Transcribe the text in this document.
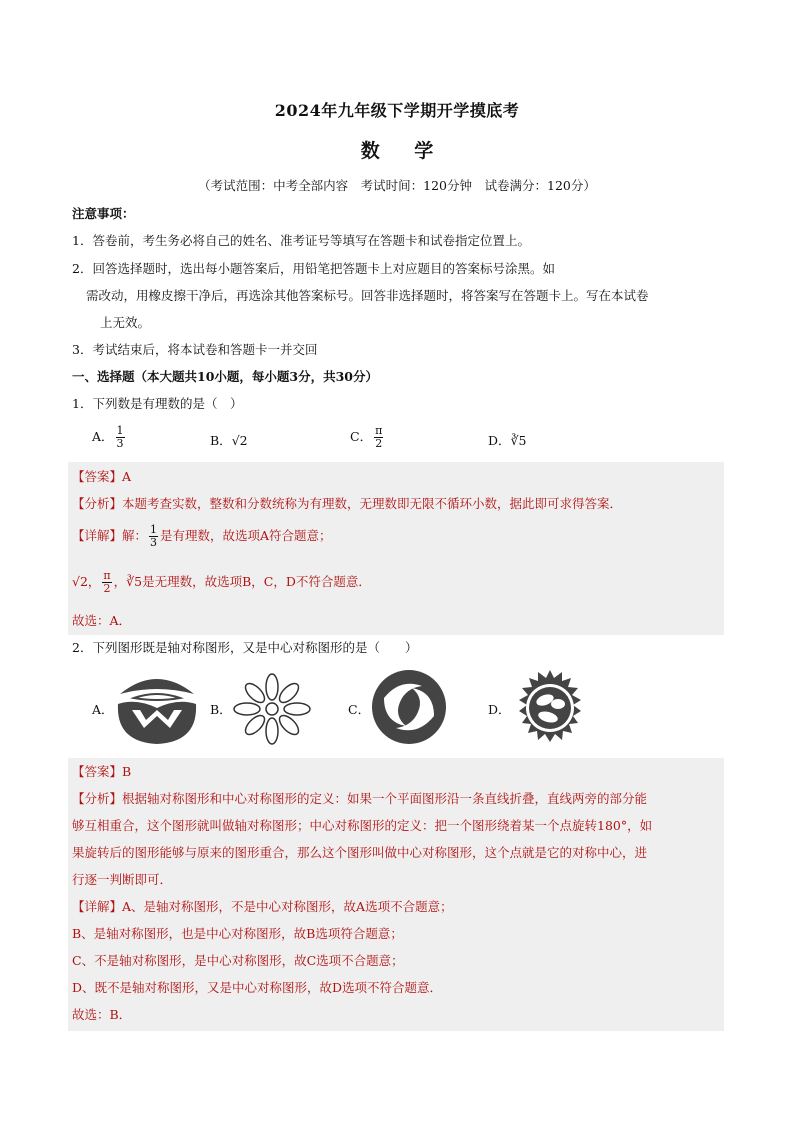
2024年九年级下学期开学摸底考
数 学
（考试范围：中考全部内容　考试时间：120分钟　试卷满分：120分）
注意事项：
1．答卷前，考生务必将自己的姓名、准考证号等填写在答题卡和试卷指定位置上。
2．回答选择题时，选出每小题答案后，用铅笔把答题卡上对应题目的答案标号涂黑。如
需改动，用橡皮擦干净后，再选涂其他答案标号。回答非选择题时，将答案写在答题卡上。写在本试卷
上无效。
3．考试结束后，将本试卷和答题卡一并交回
一、选择题（本大题共10小题，每小题3分，共30分）
1．下列数是有理数的是（　）
A． $\frac{1}{3}$	B．√2	C． $\frac{\pi}{2}$	D．∛5
【答案】A
【分析】本题考查实数，整数和分数统称为有理数，无理数即无限不循环小数，据此即可求得答案．
【详解】解： $\frac{1}{3}$ 是有理数，故选项A符合题意；
√2， $\frac{\pi}{2}$ ，∛5是无理数，故选项B，C，D不符合题意．
故选：A．
2．下列图形既是轴对称图形，又是中心对称图形的是（　　）
A．	B．	C．	D．
【答案】B
【分析】根据轴对称图形和中心对称图形的定义：如果一个平面图形沿一条直线折叠，直线两旁的部分能
够互相重合，这个图形就叫做轴对称图形；中心对称图形的定义：把一个图形绕着某一个点旋转180°，如
果旋转后的图形能够与原来的图形重合，那么这个图形叫做中心对称图形，这个点就是它的对称中心，进
行逐一判断即可．
【详解】A、是轴对称图形，不是中心对称图形，故A选项不合题意；
B、是轴对称图形，也是中心对称图形，故B选项符合题意；
C、不是轴对称图形，是中心对称图形，故C选项不合题意；
D、既不是轴对称图形，又是中心对称图形，故D选项不符合题意．
故选：B．
